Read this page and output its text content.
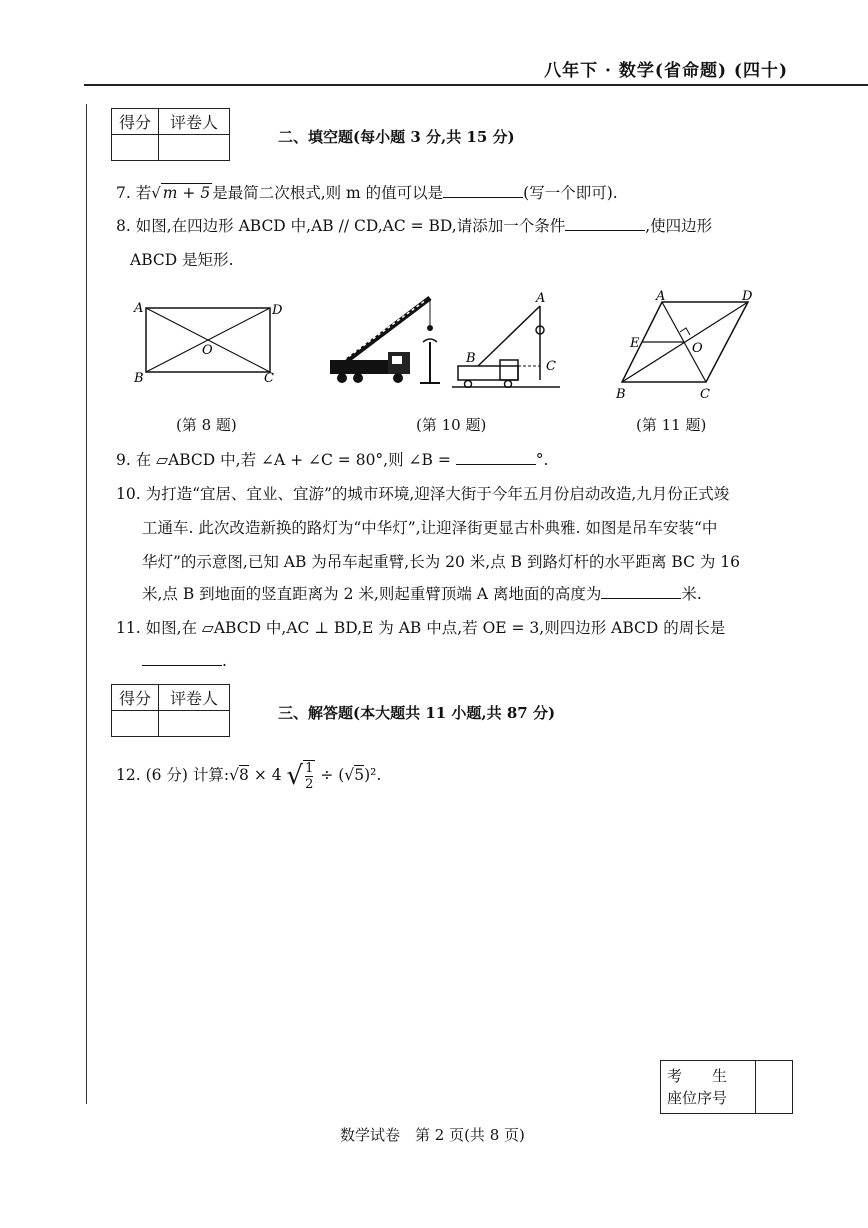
八年下 · 数学(省命题) (四十)
得分	评卷人

二、填空题(每小题 3 分,共 15 分)
7. 若√ m + 5 是最简二次根式,则 m 的值可以是	(写一个即可).
8. 如图,在四边形 ABCD 中,AB // CD,AC = BD,请添加一个条件	,使四边形
ABCD 是矩形.
A	D
B	C
O
A
B
C
A	D
B	C
E	O
(第 8 题)	(第 10 题)	(第 11 题)
9. 在 ▱ABCD 中,若 ∠A + ∠C = 80°,则 ∠B =	°.
10. 为打造“宜居、宜业、宜游”的城市环境,迎泽大街于今年五月份启动改造,九月份正式竣
工通车. 此次改造新换的路灯为“中华灯”,让迎泽街更显古朴典雅. 如图是吊车安装“中
华灯”的示意图,已知 AB 为吊车起重臂,长为 20 米,点 B 到路灯杆的水平距离 BC 为 16
米,点 B 到地面的竖直距离为 2 米,则起重臂顶端 A 离地面的高度为	米.
11. 如图,在 ▱ABCD 中,AC ⊥ BD,E 为 AB 中点,若 OE = 3,则四边形 ABCD 的周长是
.
得分	评卷人

三、解答题(本大题共 11 小题,共 87 分)
12. (6 分) 计算:√8 × 4 √ $\frac{1}{2} \div (√5)^2$.
考　　生
座位序号

数学试卷　第 2 页(共 8 页)
